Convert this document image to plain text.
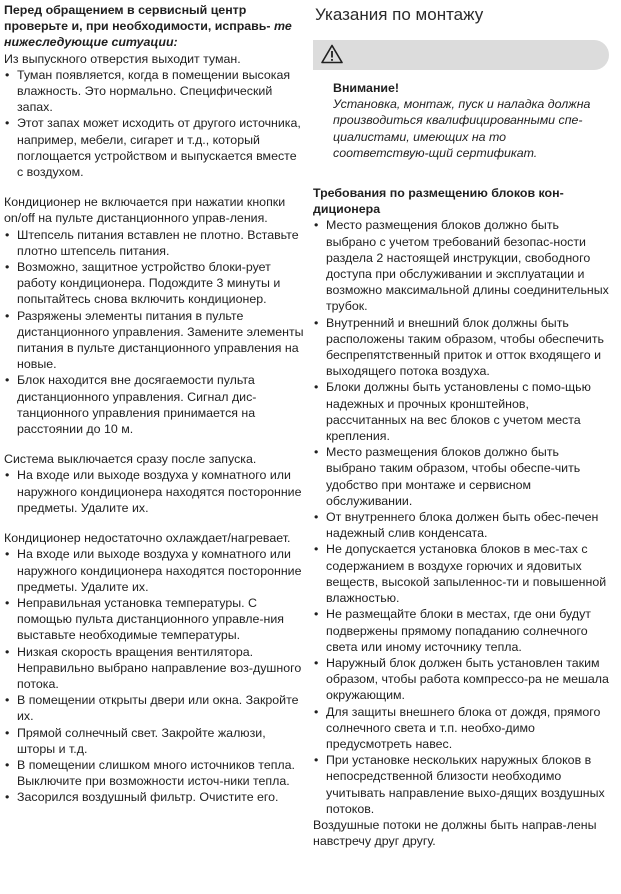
Перед обращением в сервисный центр проверьте и, при необходимости, исправь- те нижеследующие ситуации:

Из выпускного отверстия выходит туман.

• Туман появляется, когда в помещении высокая влажность. Это нормально. Специфический запах.
• Этот запах может исходить от другого источника, например, мебели, сигарет и т.д., который поглощается устройством и выпускается вместе с воздухом.

Кондиционер не включается при нажатии кнопки on/off на пульте дистанционного управ-ления.

• Штепсель питания вставлен не плотно. Вставьте плотно штепсель питания.
• Возможно, защитное устройство блоки-рует работу кондиционера. Подождите 3 минуты и попытайтесь снова включить кондиционер.
• Разряжены элементы питания в пульте дистанционного управления. Замените элементы питания в пульте дистанционного управления на новые.
• Блок находится вне досягаемости пульта дистанционного управления. Сигнал дис-танционного управления принимается на расстоянии до 10 м.

Система выключается сразу после запуска.

• На входе или выходе воздуха у комнатного или наружного кондиционера находятся посторонние предметы. Удалите их.

Кондиционер недостаточно охлаждает/нагревает.

• На входе или выходе воздуха у комнатного или наружного кондиционера находятся посторонние предметы. Удалите их.
• Неправильная установка температуры. С помощью пульта дистанционного управле-ния выставьте необходимые температуры.
• Низкая скорость вращения вентилятора. Неправильно выбрано направление воз-душного потока.
• В помещении открыты двери или окна. Закройте их.
• Прямой солнечный свет. Закройте жалюзи, шторы и т.д.
• В помещении слишком много источников тепла. Выключите при возможности источ-ники тепла.
• Засорился воздушный фильтр. Очистите его.
Указания по монтажу

Внимание!

Установка, монтаж, пуск и наладка должна производиться квалифицированными спе-циалистами, имеющих на то соответствую-щий сертификат.

Требования по размещению блоков кон-диционера

• Место размещения блоков должно быть выбрано с учетом требований безопас-ности раздела 2 настоящей инструкции, свободного доступа при обслуживании и эксплуатации и возможно максимальной длины соединительных трубок.
• Внутренний и внешний блок должны быть расположены таким образом, чтобы обеспечить беспрепятственный приток и отток входящего и выходящего потока воздуха.
• Блоки должны быть установлены с помо-щью надежных и прочных кронштейнов, рассчитанных на вес блоков с учетом места крепления.
• Место размещения блоков должно быть выбрано таким образом, чтобы обеспе-чить удобство при монтаже и сервисном обслуживании.
• От внутреннего блока должен быть обес-печен надежный слив конденсата.
• Не допускается установка блоков в мес-тах с содержанием в воздухе горючих и ядовитых веществ, высокой запыленнос-ти и повышенной влажностью.
• Не размещайте блоки в местах, где они будут подвержены прямому попаданию солнечного света или иному источнику тепла.
• Наружный блок должен быть установлен таким образом, чтобы работа компрессо-ра не мешала окружающим.
• Для защиты внешнего блока от дождя, прямого солнечного света и т.п. необхо-димо предусмотреть навес.
• При установке нескольких наружных блоков в непосредственной близости необходимо учитывать направление выхо-дящих воздушных потоков.

Воздушные потоки не должны быть направ-лены навстречу друг другу.
